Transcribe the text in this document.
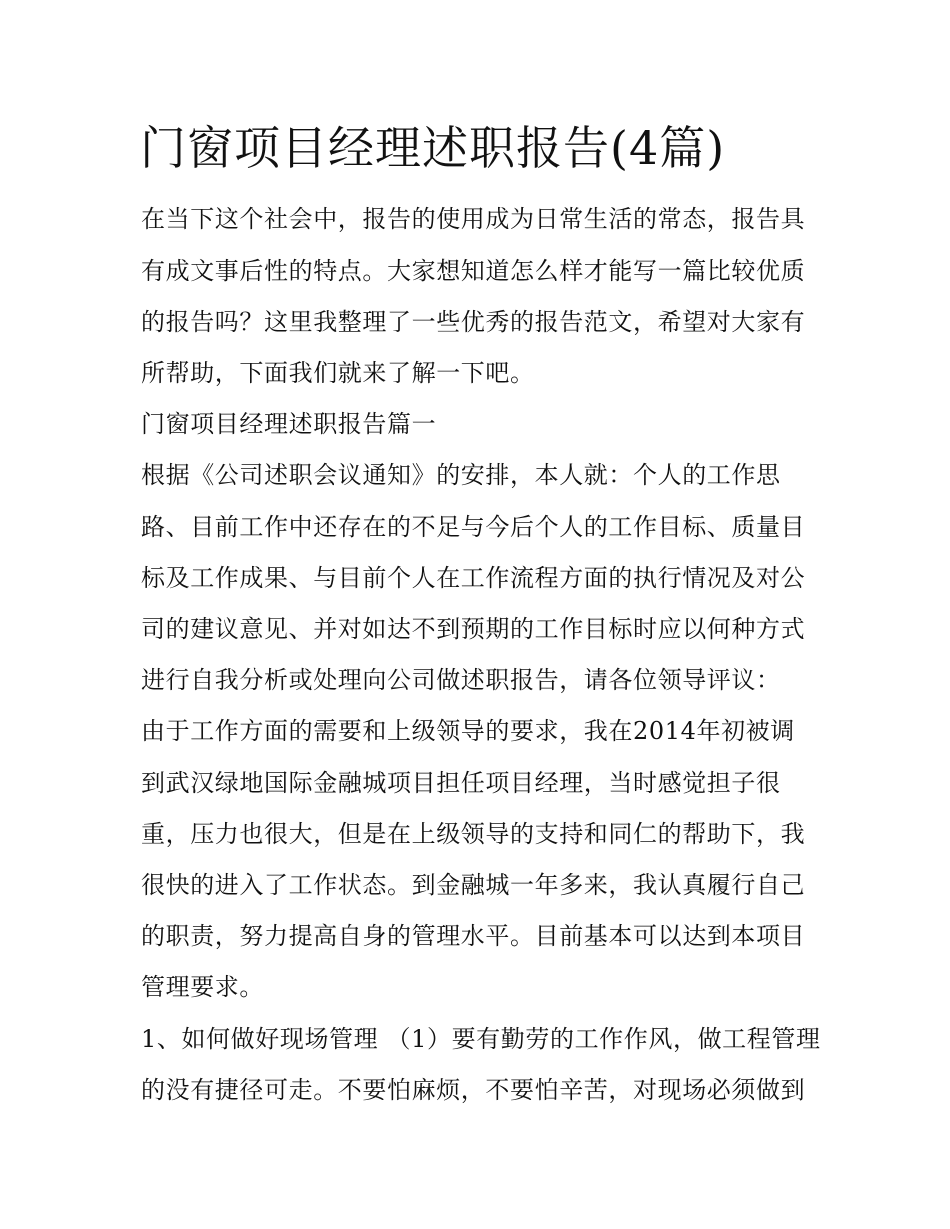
门窗项目经理述职报告(4篇)

在当下这个社会中，报告的使用成为日常生活的常态，报告具

有成文事后性的特点。大家想知道怎么样才能写一篇比较优质

的报告吗？这里我整理了一些优秀的报告范文，希望对大家有

所帮助，下面我们就来了解一下吧。

门窗项目经理述职报告篇一

根据《公司述职会议通知》的安排，本人就：个人的工作思

路、目前工作中还存在的不足与今后个人的工作目标、质量目

标及工作成果、与目前个人在工作流程方面的执行情况及对公

司的建议意见、并对如达不到预期的工作目标时应以何种方式

进行自我分析或处理向公司做述职报告，请各位领导评议：

由于工作方面的需要和上级领导的要求，我在2014年初被调

到武汉绿地国际金融城项目担任项目经理，当时感觉担子很

重，压力也很大，但是在上级领导的支持和同仁的帮助下，我

很快的进入了工作状态。到金融城一年多来，我认真履行自己

的职责，努力提高自身的管理水平。目前基本可以达到本项目

管理要求。

1、如何做好现场管理 （1）要有勤劳的工作作风，做工程管理

的没有捷径可走。不要怕麻烦，不要怕辛苦，对现场必须做到
